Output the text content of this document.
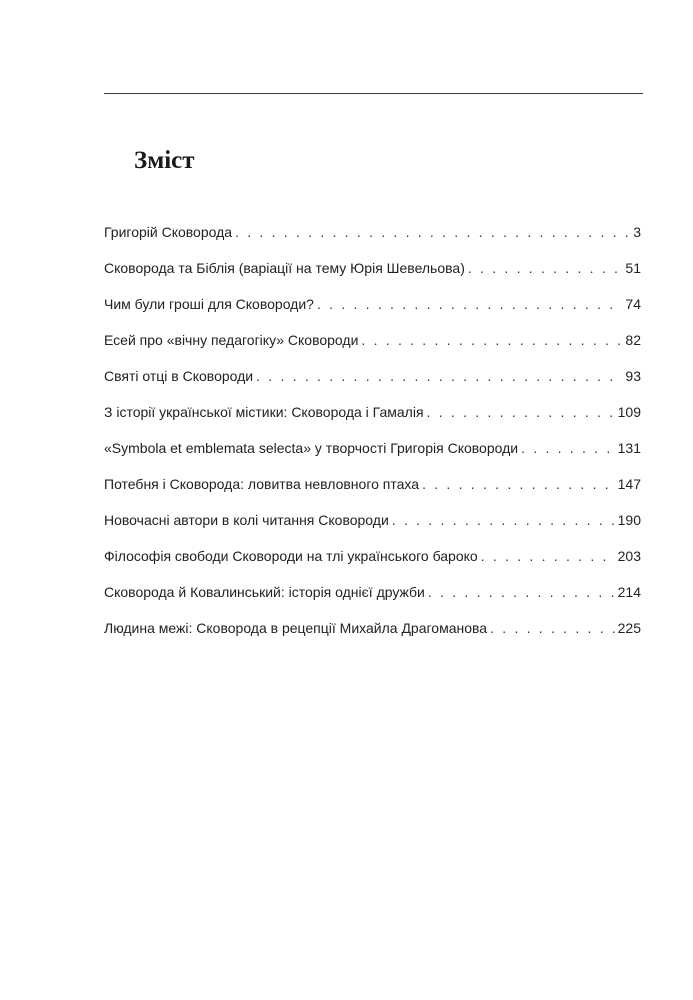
Зміст
Григорій Сковорода . . .	3
Сковорода та Біблія (варіації на тему Юрія Шевельова) . . .	51
Чим були гроші для Сковороди? . . .	74
Есей про «вічну педагогіку» Сковороди . . .	82
Святі отці в Сковороди . . .	93
З історії української містики: Сковорода і Гамалія . . .	109
«Symbola et emblemata selecta» у творчості Григорія Сковороди . . .	131
Потебня і Сковорода: ловитва невловного птаха . . .	147
Новочасні автори в колі читання Сковороди . . .	190
Філософія свободи Сковороди на тлі українського бароко . . .	203
Сковорода й Ковалинський: історія однієї дружби . . .	214
Людина межі: Сковорода в рецепції Михайла Драгоманова . . .	225
